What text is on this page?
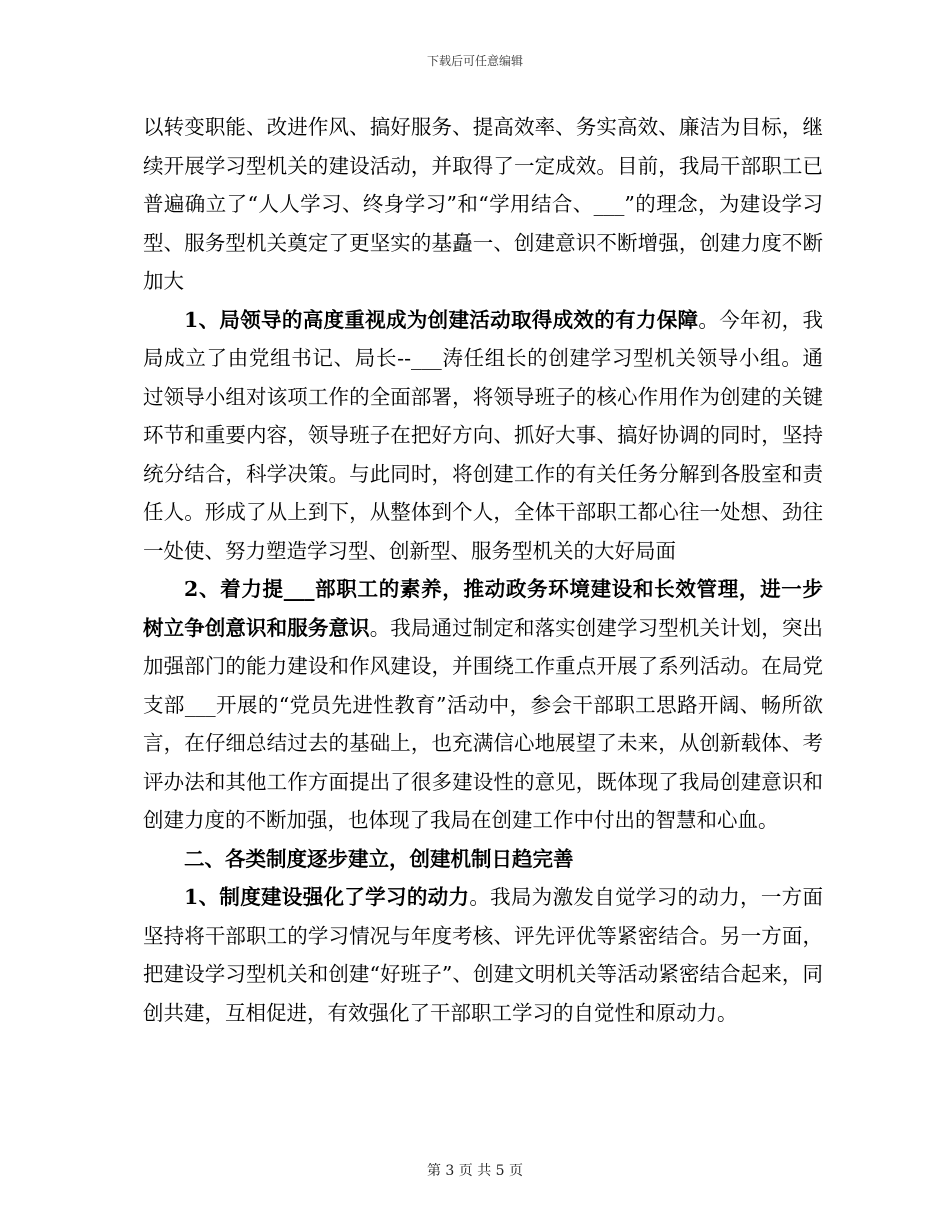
下载后可任意编辑

以转变职能、改进作风、搞好服务、提高效率、务实高效、廉洁为目标，继续开展学习型机关的建设活动，并取得了一定成效。目前，我局干部职工已普遍确立了“人人学习、终身学习”和“学用结合、___”的理念，为建设学习型、服务型机关奠定了更坚实的基矗一、创建意识不断增强，创建力度不断加大

1、局领导的高度重视成为创建活动取得成效的有力保障。今年初，我局成立了由党组书记、局长--___涛任组长的创建学习型机关领导小组。通过领导小组对该项工作的全面部署，将领导班子的核心作用作为创建的关键环节和重要内容，领导班子在把好方向、抓好大事、搞好协调的同时，坚持统分结合，科学决策。与此同时，将创建工作的有关任务分解到各股室和责任人。形成了从上到下，从整体到个人，全体干部职工都心往一处想、劲往一处使、努力塑造学习型、创新型、服务型机关的大好局面

2、着力提___部职工的素养，推动政务环境建设和长效管理，进一步树立争创意识和服务意识。我局通过制定和落实创建学习型机关计划，突出加强部门的能力建设和作风建设，并围绕工作重点开展了系列活动。在局党支部___开展的“党员先进性教育”活动中，参会干部职工思路开阔、畅所欲言，在仔细总结过去的基础上，也充满信心地展望了未来，从创新载体、考评办法和其他工作方面提出了很多建设性的意见，既体现了我局创建意识和创建力度的不断加强，也体现了我局在创建工作中付出的智慧和心血。

二、各类制度逐步建立，创建机制日趋完善

1、制度建设强化了学习的动力。我局为激发自觉学习的动力，一方面坚持将干部职工的学习情况与年度考核、评先评优等紧密结合。另一方面，把建设学习型机关和创建“好班子”、创建文明机关等活动紧密结合起来，同创共建，互相促进，有效强化了干部职工学习的自觉性和原动力。

第 3 页 共 5 页
